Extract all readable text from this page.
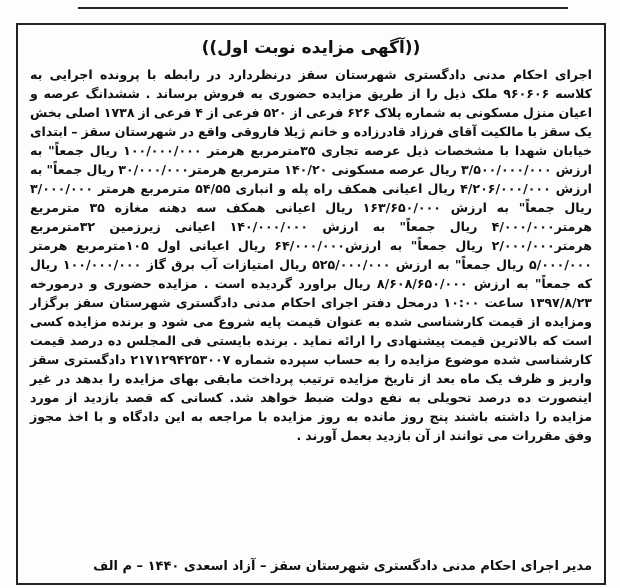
((آگهی مزایده نوبت اول))

اجرای احکام مدنی دادگستری شهرستان سقز درنظردارد در رابطه با پرونده اجرایی به کلاسه ۹۶۰۶۰۶ ملک ذیل را از طریق مزایده حضوری به فروش برساند . ششدانگ عرصه و اعیان منزل مسکونی به شماره پلاک ۶۲۶ فرعی از ۵۲۰ فرعی از ۴ فرعی از ۱۷۳۸ اصلی بخش یک سقز با مالکیت آقای فرزاد قادرزاده و خانم ژیلا فاروقی واقع در شهرستان سقز – ابتدای خیابان شهدا با مشخصات ذیل عرصه تجاری ۳۵مترمربع هرمتر ۱۰۰/۰۰۰/۰۰۰ ریال جمعاً" به ارزش ۳/۵۰۰/۰۰۰/۰۰۰ ریال عرصه مسکونی ۱۴۰/۲۰ مترمربع هرمتر۳۰/۰۰۰/۰۰۰ ریال جمعاً" به ارزش ۴/۲۰۶/۰۰۰/۰۰۰ ریال اعیانی همکف راه پله و انباری ۵۴/۵۵ مترمربع هرمتر ۳/۰۰۰/۰۰۰ ریال جمعاً" به ارزش ۱۶۳/۶۵۰/۰۰۰ ریال اعیانی همکف سه دهنه مغازه ۳۵ مترمربع هرمتر۴/۰۰۰/۰۰۰ ریال جمعاً" به ارزش ۱۴۰/۰۰۰/۰۰۰ اعیانی زیرزمین ۳۲مترمربع هرمتر۲/۰۰۰/۰۰۰ ریال جمعاً" به ارزش۶۴/۰۰۰/۰۰۰ ریال اعیانی اول ۱۰۵مترمربع هرمتر ۵/۰۰۰/۰۰۰ ریال جمعاً" به ارزش ۵۲۵/۰۰۰/۰۰۰ ریال امتیازات آب برق گاز ۱۰۰/۰۰۰/۰۰۰ ریال که جمعاً" به ارزش ۸/۶۰۸/۶۵۰/۰۰۰ ریال براورد گردیده است . مزایده حضوری و درمورخه ۱۳۹۷/۸/۲۳ ساعت ۱۰:۰۰ درمحل دفتر اجرای احکام مدنی دادگستری شهرستان سقز برگزار ومزایده از قیمت کارشناسی شده به عنوان قیمت پایه شروع می شود و برنده مزایده کسی است که بالاترین قیمت پیشنهادی را ارائه نماید . برنده بایستی فی المجلس ده درصد قیمت کارشناسی شده موضوع مزایده را به حساب سپرده شماره ۲۱۷۱۲۹۴۲۵۳۰۰۷ دادگستری سقز واریز و ظرف یک ماه بعد از تاریخ مزایده ترتیب پرداخت مابقی بهای مزایده را بدهد در غیر اینصورت ده درصد تحویلی به نفع دولت ضبط خواهد شد. کسانی که قصد بازدید از مورد مزایده را داشته باشند پنج روز مانده به روز مزایده با مراجعه به این دادگاه و با اخذ مجوز وفق مقررات می توانند از آن بازدید بعمل آورند .

مدیر اجرای احکام مدنی دادگستری شهرستان سقز – آزاد اسعدی ۱۴۴۰ – م الف
